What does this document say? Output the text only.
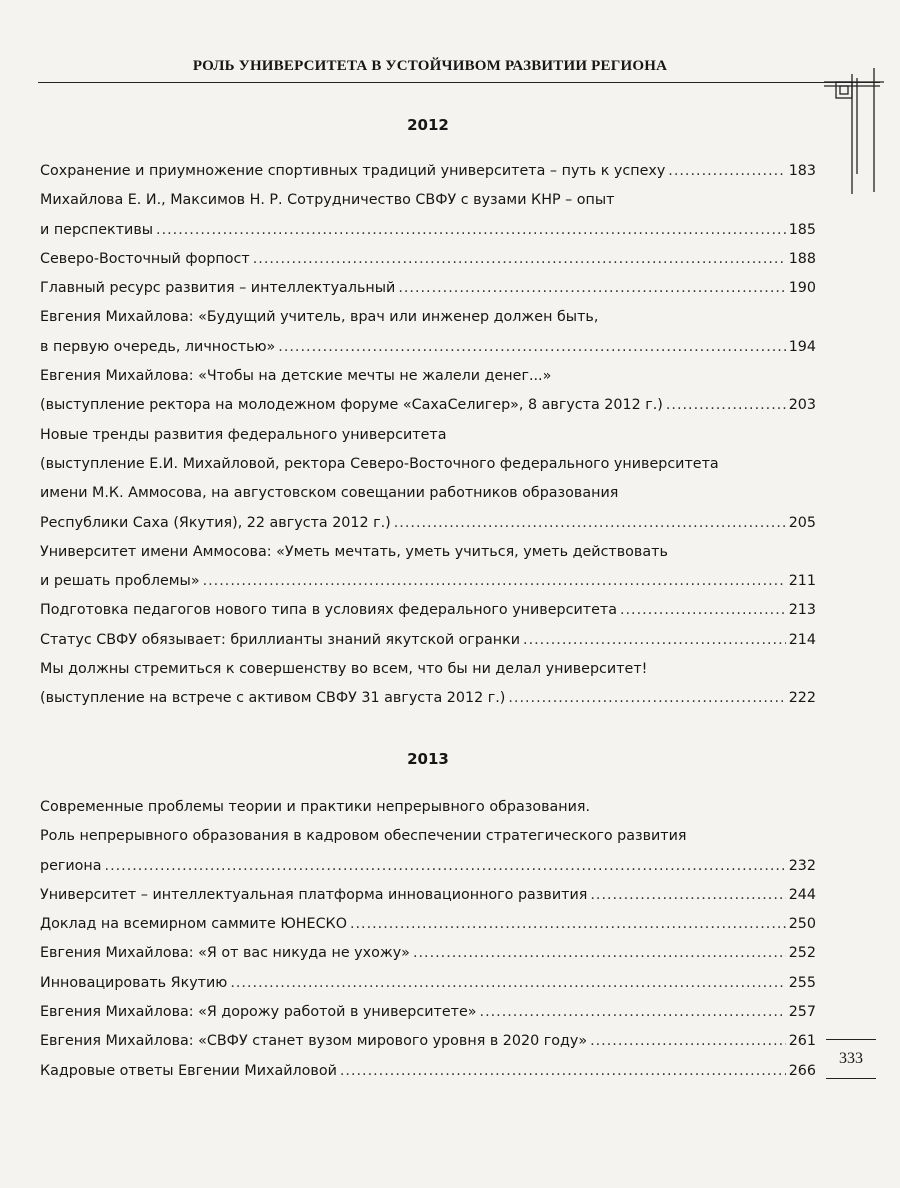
РОЛЬ УНИВЕРСИТЕТА В УСТОЙЧИВОМ РАЗВИТИИ РЕГИОНА
2012
Сохранение и приумножение спортивных традиций университета – путь к успеху .....	183
Михайлова Е. И., Максимов Н. Р. Сотрудничество СВФУ с вузами КНР – опыт
и перспективы .....	185
Северо-Восточный форпост .....	188
Главный ресурс развития – интеллектуальный .....	190
Евгения Михайлова: «Будущий учитель, врач или инженер должен быть,
в первую очередь, личностью» .....	194
Евгения Михайлова: «Чтобы на детские мечты не жалели денег...»
(выступление ректора на молодежном форуме «СахаСелигер», 8 августа 2012 г.) .....	203
Новые тренды развития федерального университета
(выступление Е.И. Михайловой, ректора Северо-Восточного федерального университета
имени М.К. Аммосова, на августовском совещании работников образования
Республики Саха (Якутия), 22 августа 2012 г.) .....	205
Университет имени Аммосова: «Уметь мечтать, уметь учиться, уметь действовать
и решать проблемы» .....	211
Подготовка педагогов нового типа в условиях федерального университета .....	213
Статус СВФУ обязывает: бриллианты знаний якутской огранки .....	214
Мы должны стремиться к совершенству во всем, что бы ни делал университет!
(выступление на встрече с активом СВФУ 31 августа 2012 г.) .....	222
2013
Современные проблемы теории и практики непрерывного образования.
Роль непрерывного образования в кадровом обеспечении стратегического развития
региона .....	232
Университет – интеллектуальная платформа инновационного развития .....	244
Доклад на всемирном саммите ЮНЕСКО .....	250
Евгения Михайлова: «Я от вас никуда не ухожу» .....	252
Инновацировать Якутию .....	255
Евгения Михайлова: «Я дорожу работой в университете» .....	257
Евгения Михайлова: «СВФУ станет вузом мирового уровня в 2020 году» .....	261
Кадровые ответы Евгении Михайловой .....	266
333
